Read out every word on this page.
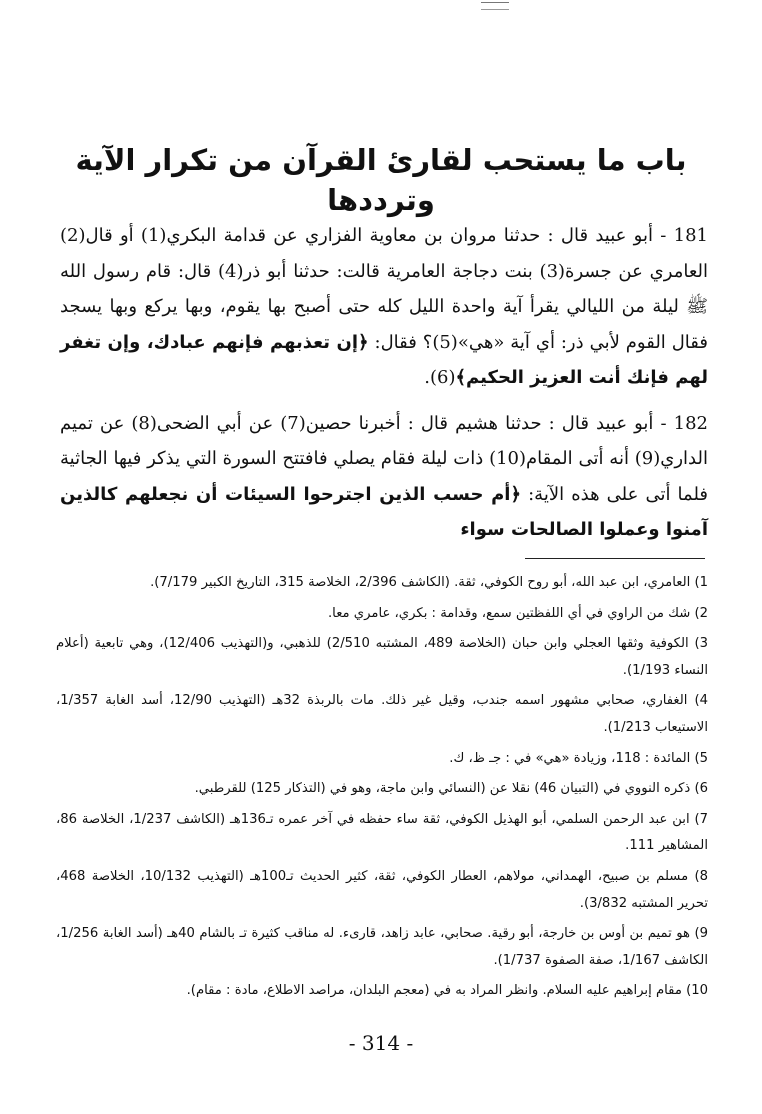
باب ما يستحب لقارئ القرآن من تكرار الآية وترددها

181 - أبو عبيد قال : حدثنا مروان بن معاوية الفزاري عن قدامة البكري(1) أو قال(2) العامري عن جسرة(3) بنت دجاجة العامرية قالت: حدثنا أبو ذر(4) قال: قام رسول الله ﷺ ليلة من الليالي يقرأ آية واحدة الليل كله حتى أصبح بها يقوم، وبها يركع وبها يسجد فقال القوم لأبي ذر: أي آية «هي»(5)؟ فقال: ﴿إن تعذبهم فإنهم عبادك، وإن تغفر لهم فإنك أنت العزيز الحكيم﴾(6).

182 - أبو عبيد قال : حدثنا هشيم قال : أخبرنا حصين(7) عن أبي الضحى(8) عن تميم الداري(9) أنه أتى المقام(10) ذات ليلة فقام يصلي فافتتح السورة التي يذكر فيها الجاثية فلما أتى على هذه الآية: ﴿أم حسب الذين اجترحوا السيئات أن نجعلهم كالذين آمنوا وعملوا الصالحات سواء

1) العامري، ابن عبد الله، أبو روح الكوفي، ثقة. (الكاشف 2/396، الخلاصة 315، التاريخ الكبير 7/179).
2) شك من الراوي في أي اللفظتين سمع، وقدامة : بكري، عامري معا.
3) الكوفية وثقها العجلي وابن حبان (الخلاصة 489، المشتبه 2/510) للذهبي، و(التهذيب 12/406)، وهي تابعية (أعلام النساء 1/193).
4) الغفاري، صحابي مشهور اسمه جندب، وقيل غير ذلك. مات بالربذة 32هـ (التهذيب 12/90، أسد الغابة 1/357، الاستيعاب 1/213).
5) المائدة : 118، وزيادة «هي» في : جـ ظ، ك.
6) ذكره النووي في (التبيان 46) نقلا عن (النسائي وابن ماجة، وهو في (التذكار 125) للقرطبي.
7) ابن عبد الرحمن السلمي، أبو الهذيل الكوفي، ثقة ساء حفظه في آخر عمره تـ136هـ (الكاشف 1/237، الخلاصة 86، المشاهير 111.
8) مسلم بن صبيح، الهمداني، مولاهم، العطار الكوفي، ثقة، كثير الحديث تـ100هـ (التهذيب 10/132، الخلاصة 468، تحرير المشتبه 3/832).
9) هو تميم بن أوس بن خارجة، أبو رقية. صحابي، عابد زاهد، قارىء. له مناقب كثيرة تـ بالشام 40هـ (أسد الغابة 1/256، الكاشف 1/167، صفة الصفوة 1/737).
10) مقام إبراهيم عليه السلام. وانظر المراد به في (معجم البلدان، مراصد الاطلاع، مادة : مقام).
- 314 -
